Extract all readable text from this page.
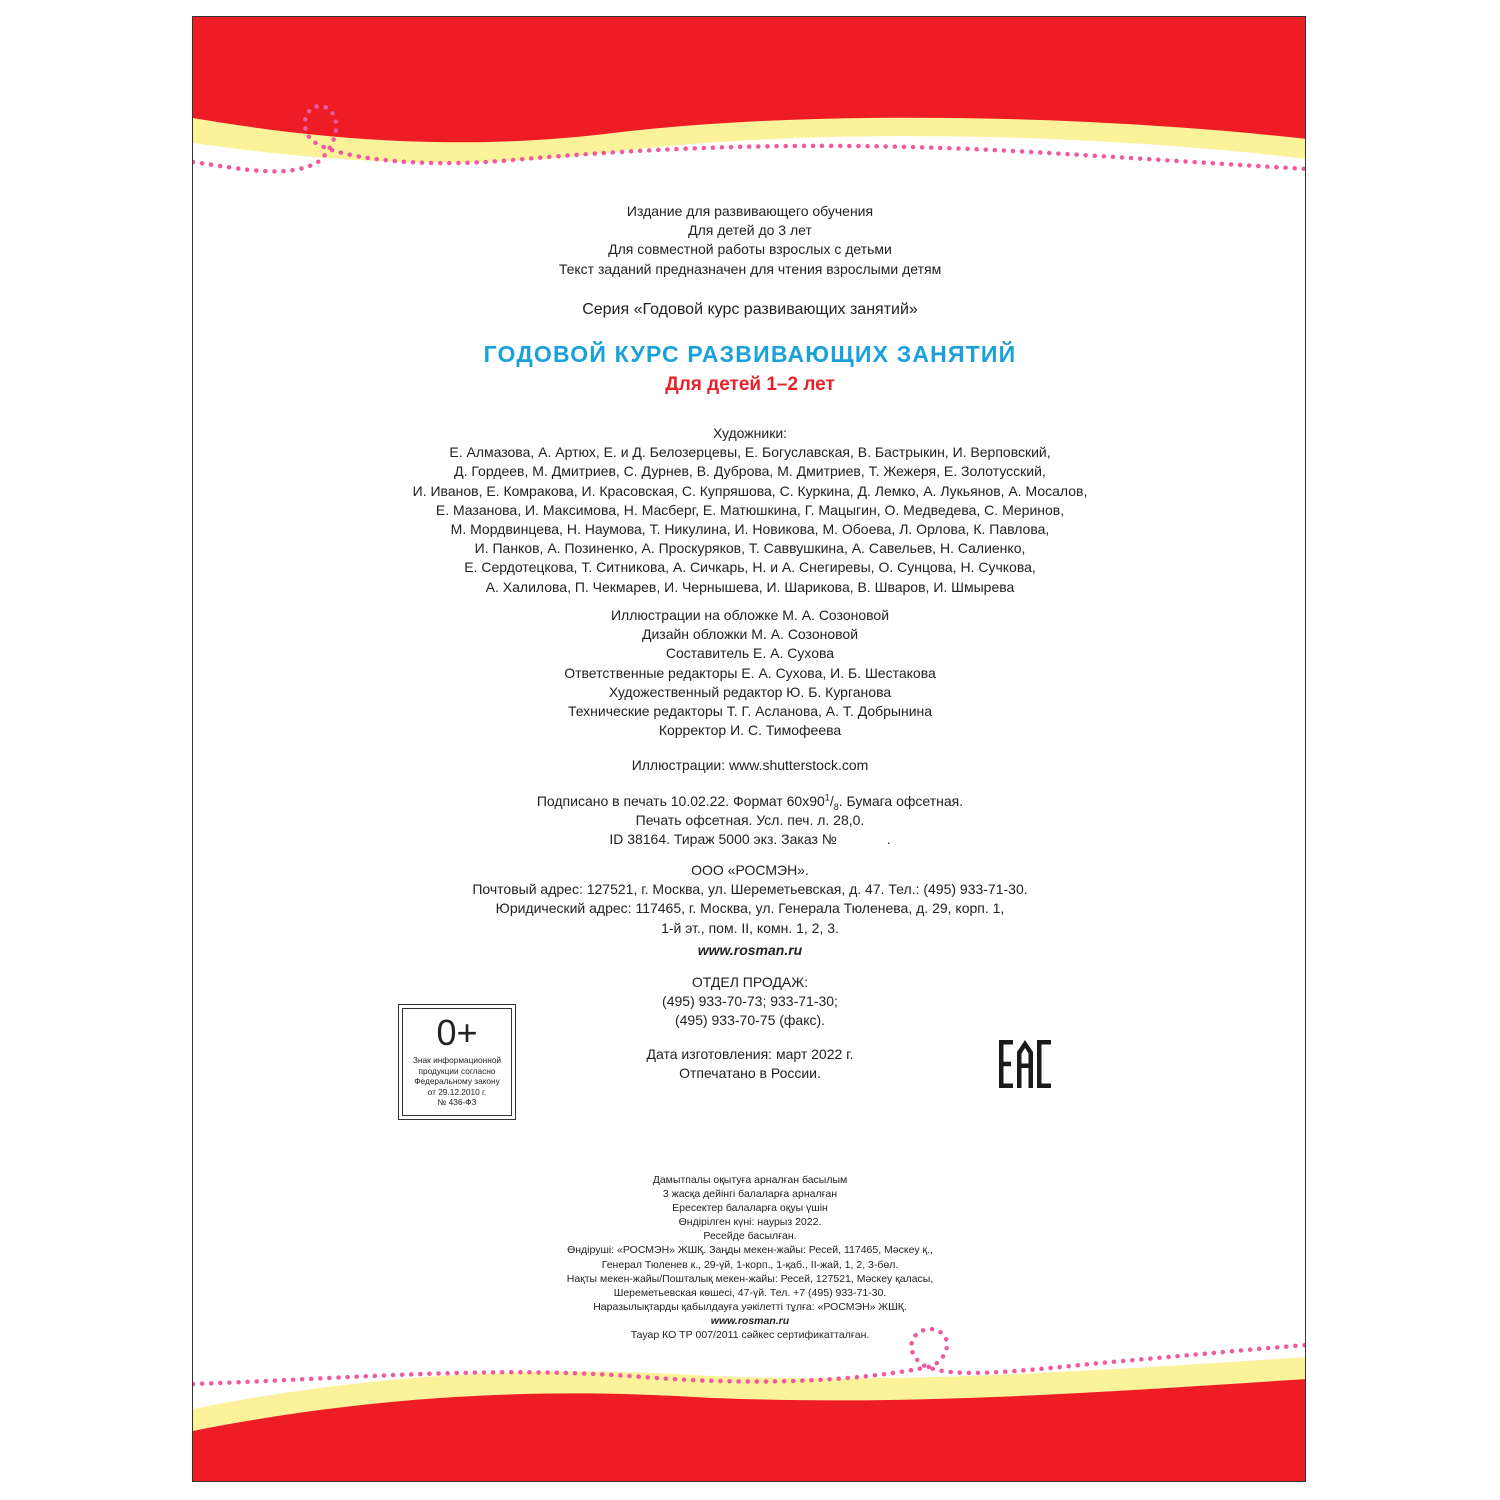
Издание для развивающего обучения
Для детей до 3 лет
Для совместной работы взрослых с детьми
Текст заданий предназначен для чтения взрослыми детям
Серия «Годовой курс развивающих занятий»
ГОДОВОЙ КУРС РАЗВИВАЮЩИХ ЗАНЯТИЙ
Для детей 1–2 лет
Художники:
Е. Алмазова, А. Артюх, Е. и Д. Белозерцевы, Е. Богуславская, В. Бастрыкин, И. Верповский,
Д. Гордеев, М. Дмитриев, С. Дурнев, В. Дуброва, М. Дмитриев, Т. Жежеря, Е. Золотусский,
И. Иванов, Е. Комракова, И. Красовская, С. Купряшова, С. Куркина, Д. Лемко, А. Лукьянов, А. Мосалов,
Е. Мазанова, И. Максимова, Н. Масберг, Е. Матюшкина, Г. Мацыгин, О. Медведева, С. Меринов,
М. Мордвинцева, Н. Наумова, Т. Никулина, И. Новикова, М. Обоева, Л. Орлова, К. Павлова,
И. Панков, А. Позиненко, А. Проскуряков, Т. Саввушкина, А. Савельев, Н. Салиенко,
Е. Сердотецкова, Т. Ситникова, А. Сичкарь, Н. и А. Снегиревы, О. Сунцова, Н. Сучкова,
А. Халилова, П. Чекмарев, И. Чернышева, И. Шарикова, В. Шваров, И. Шмырева
Иллюстрации на обложке М. А. Созоновой
Дизайн обложки М. А. Созоновой
Составитель Е. А. Сухова
Ответственные редакторы Е. А. Сухова, И. Б. Шестакова
Художественный редактор Ю. Б. Курганова
Технические редакторы Т. Г. Асланова, А. Т. Добрынина
Корректор И. С. Тимофеева
Иллюстрации: www.shutterstock.com
Подписано в печать 10.02.22. Формат $60x90^1/_8$. Бумага офсетная.
Печать офсетная. Усл. печ. л. 28,0.
ID 38164. Тираж 5000 экз. Заказ №	.
ООО «РОСМЭН».
Почтовый адрес: 127521, г. Москва, ул. Шереметьевская, д. 47. Тел.: (495) 933-71-30.
Юридический адрес: 117465, г. Москва, ул. Генерала Тюленева, д. 29, корп. 1,
1-й эт., пом. II, комн. 1, 2, 3.
www.rosman.ru
ОТДЕЛ ПРОДАЖ:
(495) 933-70-73; 933-71-30;
(495) 933-70-75 (факс).
Дата изготовления: март 2022 г.
Отпечатано в России.
0+
Знак информационной
продукции согласно
Федеральному закону
от 29.12.2010 г.
№ 436-ФЗ
Дамытпалы оқытуға арналған басылым
3 жасқа дейінгі балаларға арналған
Ересектер балаларға оқуы үшін
Өндірілген күні: наурыз 2022.
Ресейде басылған.
Өндіруші: «РОСМЭН» ЖШҚ. Заңды мекен-жайы: Ресей, 117465, Мәскеу қ.,
Генерал Тюленев к., 29-үй, 1-корп., 1-қаб., ІІ-жай, 1, 2, 3-бөл.
Нақты мекен-жайы/Пошталық мекен-жайы: Ресей, 127521, Мәскеу қаласы,
Шереметьевская көшесі, 47-үй. Тел. +7 (495) 933-71-30.
Наразылықтарды қабылдауға уәкілетті тұлға: «РОСМЭН» ЖШҚ.
www.rosman.ru
Тауар КО ТР 007/2011 сәйкес сертификатталған.
